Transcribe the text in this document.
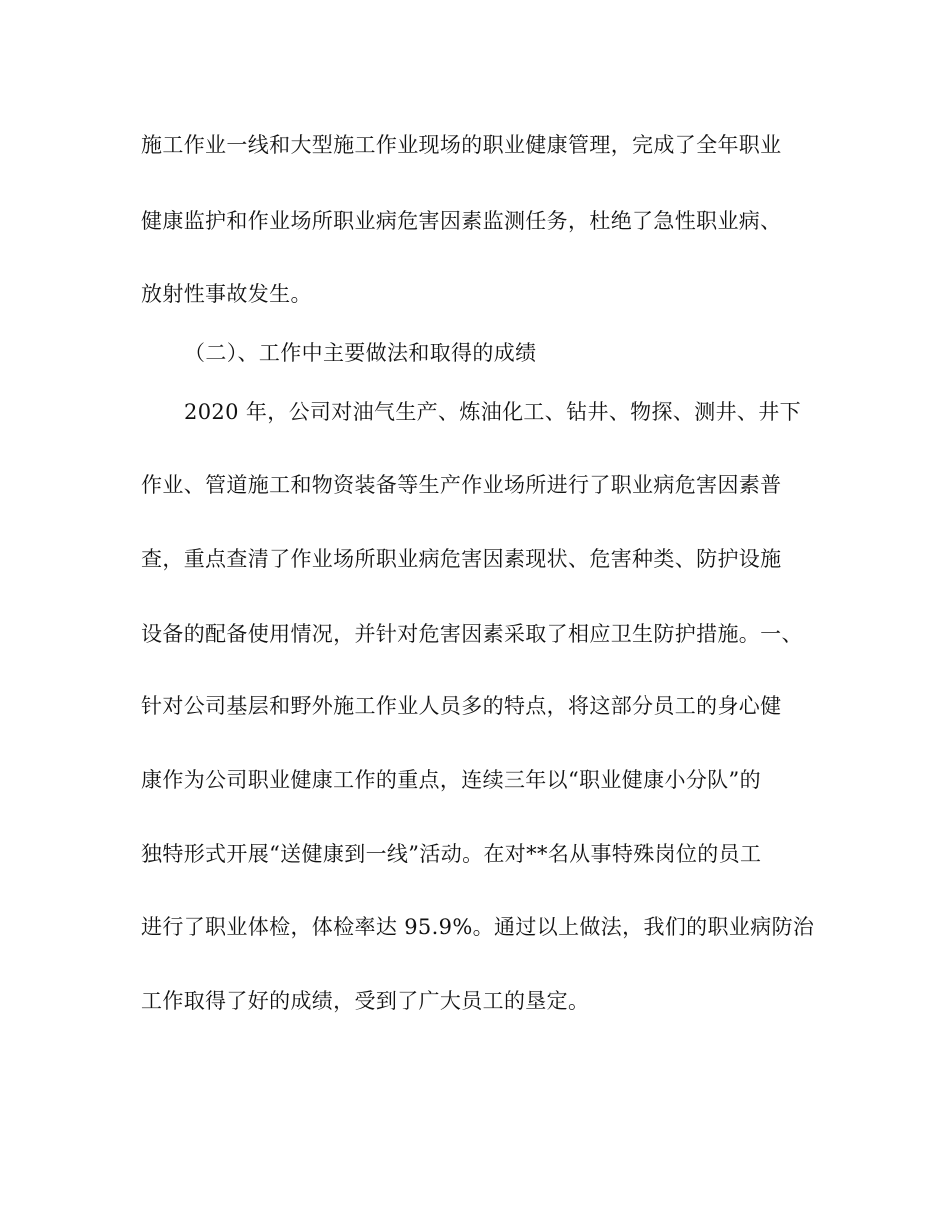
施工作业一线和大型施工作业现场的职业健康管理，完成了全年职业
健康监护和作业场所职业病危害因素监测任务，杜绝了急性职业病、
放射性事故发生。
（二）、工作中主要做法和取得的成绩
2020 年，公司对油气生产、炼油化工、钻井、物探、测井、井下
作业、管道施工和物资装备等生产作业场所进行了职业病危害因素普
查，重点查清了作业场所职业病危害因素现状、危害种类、防护设施
设备的配备使用情况，并针对危害因素采取了相应卫生防护措施。一、
针对公司基层和野外施工作业人员多的特点，将这部分员工的身心健
康作为公司职业健康工作的重点，连续三年以“职业健康小分队”的
独特形式开展“送健康到一线”活动。在对**名从事特殊岗位的员工
进行了职业体检，体检率达 95.9%。通过以上做法，我们的职业病防治
工作取得了好的成绩，受到了广大员工的垦定。
